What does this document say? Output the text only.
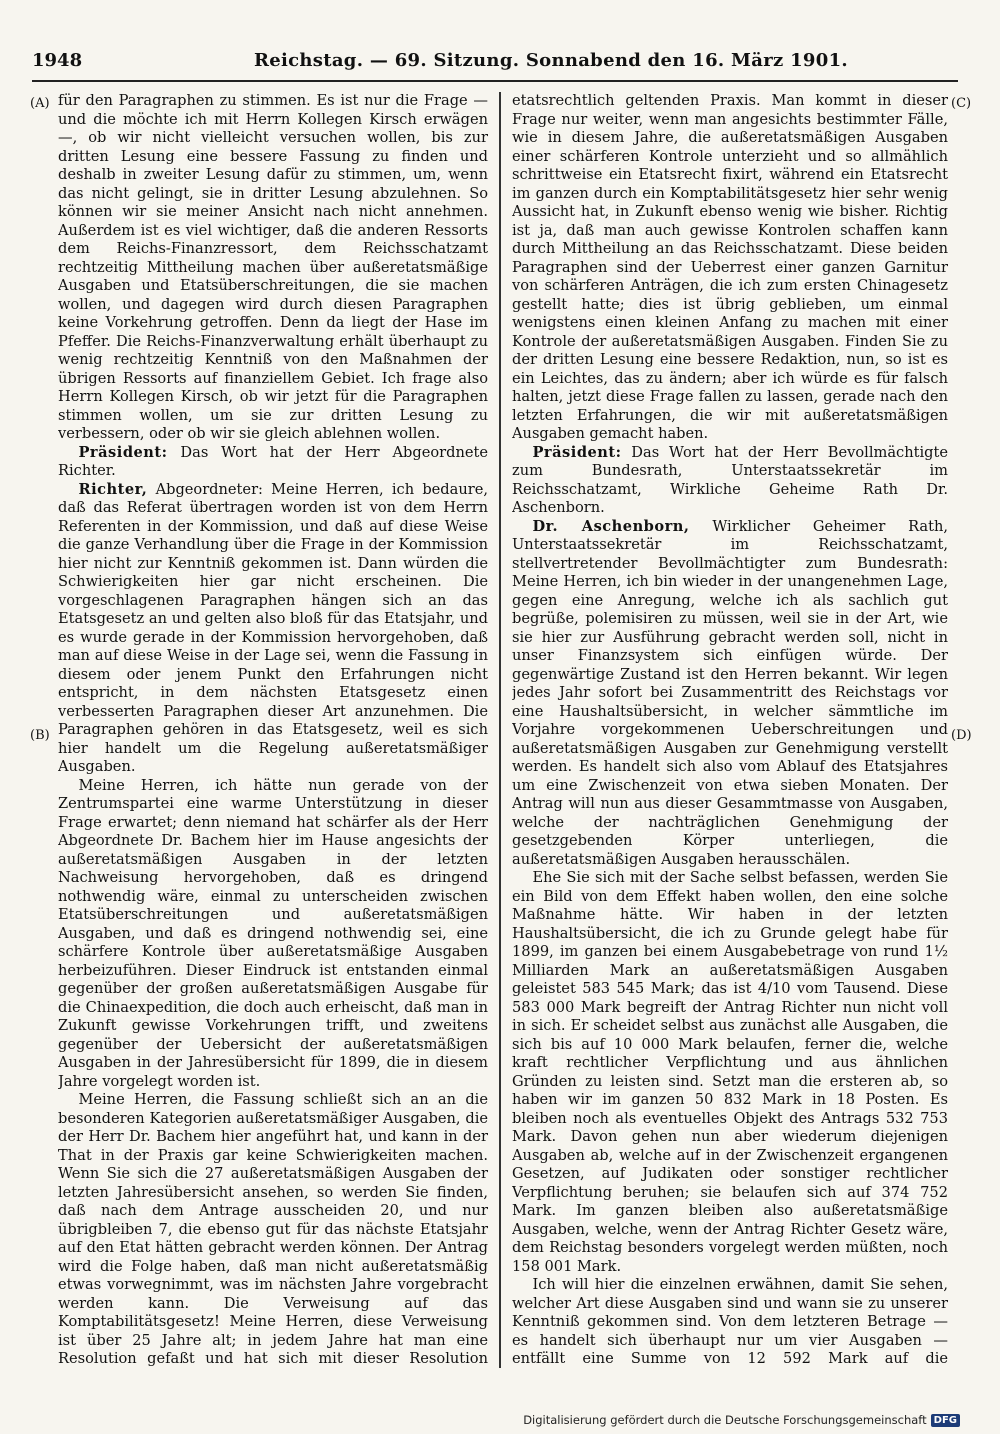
1948	Reichstag. — 69. Sitzung. Sonnabend den 16. März 1901.
(A)
(B)
(C)
(D)

für den Paragraphen zu stimmen. Es ist nur die Frage — und die möchte ich mit Herrn Kollegen Kirsch erwägen —, ob wir nicht vielleicht versuchen wollen, bis zur dritten Lesung eine bessere Fassung zu finden und deshalb in zweiter Lesung dafür zu stimmen, um, wenn das nicht gelingt, sie in dritter Lesung abzulehnen. So können wir sie meiner Ansicht nach nicht annehmen. Außerdem ist es viel wichtiger, daß die anderen Ressorts dem Reichs-Finanzressort, dem Reichsschatzamt rechtzeitig Mittheilung machen über außeretatsmäßige Ausgaben und Etatsüberschreitungen, die sie machen wollen, und dagegen wird durch diesen Paragraphen keine Vorkehrung getroffen. Denn da liegt der Hase im Pfeffer. Die Reichs-Finanzverwaltung erhält überhaupt zu wenig rechtzeitig Kenntniß von den Maßnahmen der übrigen Ressorts auf finanziellem Gebiet. Ich frage also Herrn Kollegen Kirsch, ob wir jetzt für die Paragraphen stimmen wollen, um sie zur dritten Lesung zu verbessern, oder ob wir sie gleich ablehnen wollen.

Präsident: Das Wort hat der Herr Abgeordnete Richter.

Richter, Abgeordneter: Meine Herren, ich bedaure, daß das Referat übertragen worden ist von dem Herrn Referenten in der Kommission, und daß auf diese Weise die ganze Verhandlung über die Frage in der Kommission hier nicht zur Kenntniß gekommen ist. Dann würden die Schwierigkeiten hier gar nicht erscheinen. Die vorgeschlagenen Paragraphen hängen sich an das Etatsgesetz an und gelten also bloß für das Etatsjahr, und es wurde gerade in der Kommission hervorgehoben, daß man auf diese Weise in der Lage sei, wenn die Fassung in diesem oder jenem Punkt den Erfahrungen nicht entspricht, in dem nächsten Etatsgesetz einen verbesserten Paragraphen dieser Art anzunehmen. Die Paragraphen gehören in das Etatsgesetz, weil es sich hier handelt um die Regelung außeretatsmäßiger Ausgaben.

Meine Herren, ich hätte nun gerade von der Zentrumspartei eine warme Unterstützung in dieser Frage erwartet; denn niemand hat schärfer als der Herr Abgeordnete Dr. Bachem hier im Hause angesichts der außeretatsmäßigen Ausgaben in der letzten Nachweisung hervorgehoben, daß es dringend nothwendig wäre, einmal zu unterscheiden zwischen Etatsüberschreitungen und außeretatsmäßigen Ausgaben, und daß es dringend nothwendig sei, eine schärfere Kontrole über außeretatsmäßige Ausgaben herbeizuführen. Dieser Eindruck ist entstanden einmal gegenüber der großen außeretatsmäßigen Ausgabe für die Chinaexpedition, die doch auch erheischt, daß man in Zukunft gewisse Vorkehrungen trifft, und zweitens gegenüber der Uebersicht der außeretatsmäßigen Ausgaben in der Jahresübersicht für 1899, die in diesem Jahre vorgelegt worden ist.

Meine Herren, die Fassung schließt sich an an die besonderen Kategorien außeretatsmäßiger Ausgaben, die der Herr Dr. Bachem hier angeführt hat, und kann in der That in der Praxis gar keine Schwierigkeiten machen. Wenn Sie sich die 27 außeretatsmäßigen Ausgaben der letzten Jahresübersicht ansehen, so werden Sie finden, daß nach dem Antrage ausscheiden 20, und nur übrigbleiben 7, die ebenso gut für das nächste Etatsjahr auf den Etat hätten gebracht werden können. Der Antrag wird die Folge haben, daß man nicht außeretatsmäßig etwas vorwegnimmt, was im nächsten Jahre vorgebracht werden kann. Die Verweisung auf das Komptabilitätsgesetz! Meine Herren, diese Verweisung ist über 25 Jahre alt; in jedem Jahre hat man eine Resolution gefaßt und hat sich mit dieser Resolution

etatsrechtlich geltenden Praxis. Man kommt in dieser Frage nur weiter, wenn man angesichts bestimmter Fälle, wie in diesem Jahre, die außeretatsmäßigen Ausgaben einer schärferen Kontrole unterzieht und so allmählich schrittweise ein Etatsrecht fixirt, während ein Etatsrecht im ganzen durch ein Komptabilitätsgesetz hier sehr wenig Aussicht hat, in Zukunft ebenso wenig wie bisher. Richtig ist ja, daß man auch gewisse Kontrolen schaffen kann durch Mittheilung an das Reichsschatzamt. Diese beiden Paragraphen sind der Ueberrest einer ganzen Garnitur von schärferen Anträgen, die ich zum ersten Chinagesetz gestellt hatte; dies ist übrig geblieben, um einmal wenigstens einen kleinen Anfang zu machen mit einer Kontrole der außeretatsmäßigen Ausgaben. Finden Sie zu der dritten Lesung eine bessere Redaktion, nun, so ist es ein Leichtes, das zu ändern; aber ich würde es für falsch halten, jetzt diese Frage fallen zu lassen, gerade nach den letzten Erfahrungen, die wir mit außeretatsmäßigen Ausgaben gemacht haben.

Präsident: Das Wort hat der Herr Bevollmächtigte zum Bundesrath, Unterstaatssekretär im Reichsschatzamt, Wirkliche Geheime Rath Dr. Aschenborn.

Dr. Aschenborn, Wirklicher Geheimer Rath, Unterstaatssekretär im Reichsschatzamt, stellvertretender Bevollmächtigter zum Bundesrath: Meine Herren, ich bin wieder in der unangenehmen Lage, gegen eine Anregung, welche ich als sachlich gut begrüße, polemisiren zu müssen, weil sie in der Art, wie sie hier zur Ausführung gebracht werden soll, nicht in unser Finanzsystem sich einfügen würde. Der gegenwärtige Zustand ist den Herren bekannt. Wir legen jedes Jahr sofort bei Zusammentritt des Reichstags vor eine Haushaltsübersicht, in welcher sämmtliche im Vorjahre vorgekommenen Ueberschreitungen und außeretatsmäßigen Ausgaben zur Genehmigung verstellt werden. Es handelt sich also vom Ablauf des Etatsjahres um eine Zwischenzeit von etwa sieben Monaten. Der Antrag will nun aus dieser Gesammtmasse von Ausgaben, welche der nachträglichen Genehmigung der gesetzgebenden Körper unterliegen, die außeretatsmäßigen Ausgaben herausschälen.

Ehe Sie sich mit der Sache selbst befassen, werden Sie ein Bild von dem Effekt haben wollen, den eine solche Maßnahme hätte. Wir haben in der letzten Haushaltsübersicht, die ich zu Grunde gelegt habe für 1899, im ganzen bei einem Ausgabebetrage von rund 1½ Milliarden Mark an außeretatsmäßigen Ausgaben geleistet 583 545 Mark; das ist 4/10 vom Tausend. Diese 583 000 Mark begreift der Antrag Richter nun nicht voll in sich. Er scheidet selbst aus zunächst alle Ausgaben, die sich bis auf 10 000 Mark belaufen, ferner die, welche kraft rechtlicher Verpflichtung und aus ähnlichen Gründen zu leisten sind. Setzt man die ersteren ab, so haben wir im ganzen 50 832 Mark in 18 Posten. Es bleiben noch als eventuelles Objekt des Antrags 532 753 Mark. Davon gehen nun aber wiederum diejenigen Ausgaben ab, welche auf in der Zwischenzeit ergangenen Gesetzen, auf Judikaten oder sonstiger rechtlicher Verpflichtung beruhen; sie belaufen sich auf 374 752 Mark. Im ganzen bleiben also außeretatsmäßige Ausgaben, welche, wenn der Antrag Richter Gesetz wäre, dem Reichstag besonders vorgelegt werden müßten, noch 158 001 Mark.

Ich will hier die einzelnen erwähnen, damit Sie sehen, welcher Art diese Ausgaben sind und wann sie zu unserer Kenntniß gekommen sind. Von dem letzteren Betrage — es handelt sich überhaupt nur um vier Ausgaben — entfällt eine Summe von 12 592 Mark auf die

Digitalisierung gefördert durch die Deutsche Forschungsgemeinschaft DFG
